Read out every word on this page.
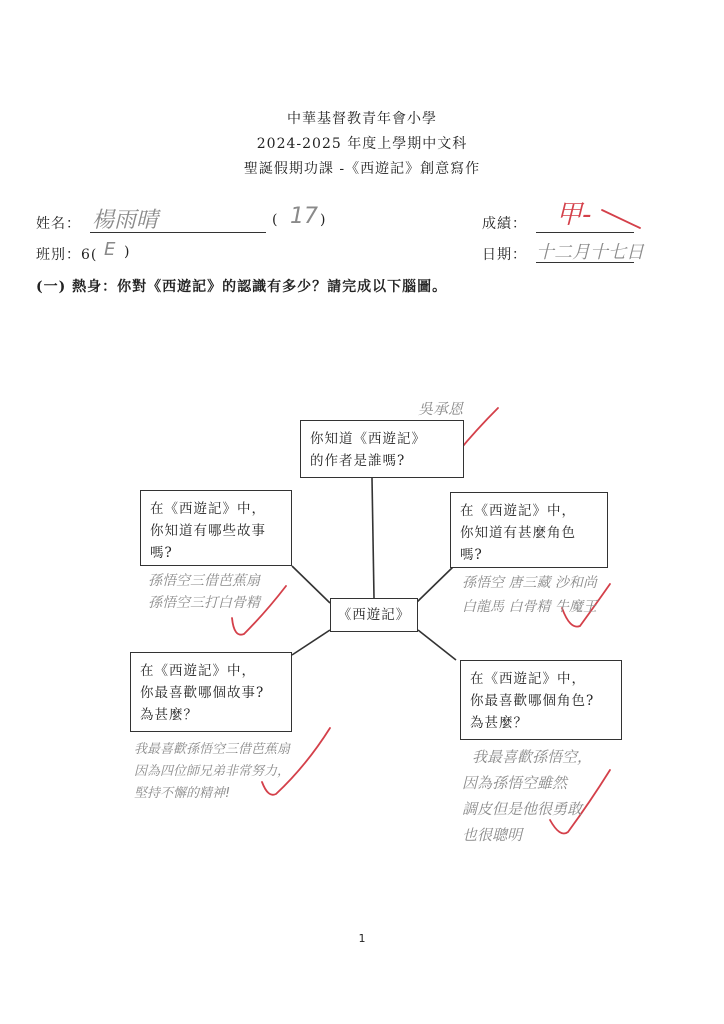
中華基督教青年會小學
2024-2025 年度上學期中文科
聖誕假期功課 -《西遊記》創意寫作
姓名： 楊雨晴	( 17 )	成績： 甲-
班別：6( E )	日期： 十二月十七日
(一) 熱身：你對《西遊記》的認識有多少？請完成以下腦圖。
你知道《西遊記》
的作者是誰嗎?
在《西遊記》中，
你知道有哪些故事
嗎?
在《西遊記》中，
你知道有甚麼角色
嗎?
《西遊記》
在《西遊記》中，
你最喜歡哪個故事?
為甚麼？
在《西遊記》中，
你最喜歡哪個角色?
為甚麼？
吳承恩
孫悟空三借芭蕉扇
孫悟空三打白骨精
孫悟空 唐三藏 沙和尚
白龍馬 白骨精 牛魔王
我最喜歡孫悟空三借芭蕉扇
因為四位師兄弟非常努力，
堅持不懈的精神!
我最喜歡孫悟空，
因為孫悟空雖然
調皮但是他很勇敢
也很聰明
1
